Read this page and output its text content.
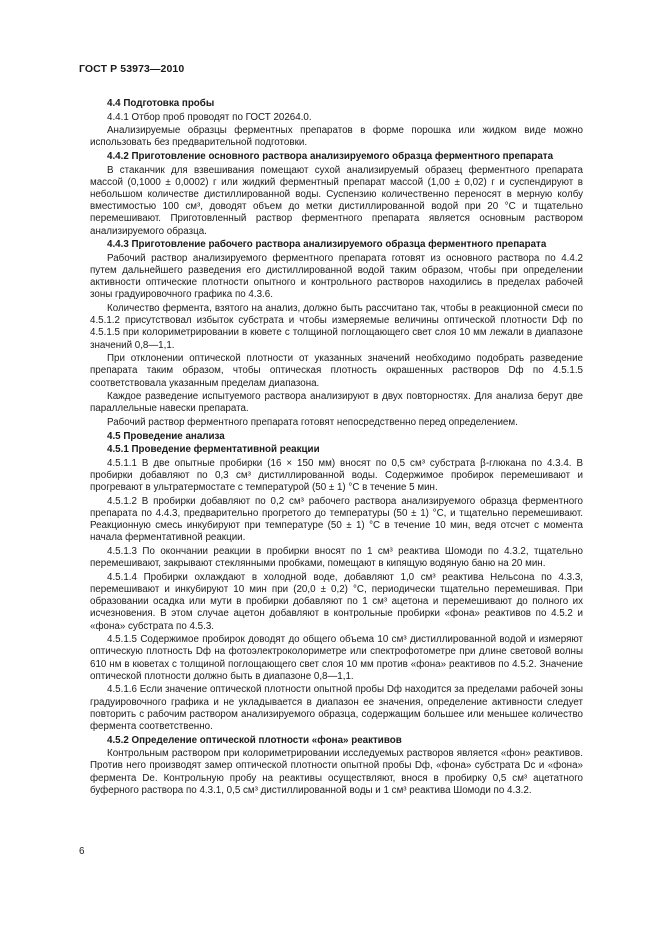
ГОСТ Р 53973—2010

4.4 Подготовка пробы

4.4.1 Отбор проб проводят по ГОСТ 20264.0.

Анализируемые образцы ферментных препаратов в форме порошка или жидком виде можно использовать без предварительной подготовки.

4.4.2 Приготовление основного раствора анализируемого образца ферментного препарата

В стаканчик для взвешивания помещают сухой анализируемый образец ферментного препарата массой (0,1000 ± 0,0002) г или жидкий ферментный препарат массой (1,00 ± 0,02) г и суспендируют в небольшом количестве дистиллированной воды. Суспензию количественно переносят в мерную колбу вместимостью 100 см³, доводят объем до метки дистиллированной водой при 20 °С и тщательно перемешивают. Приготовленный раствор ферментного препарата является основным раствором анализируемого образца.

4.4.3 Приготовление рабочего раствора анализируемого образца ферментного препарата

Рабочий раствор анализируемого ферментного препарата готовят из основного раствора по 4.4.2 путем дальнейшего разведения его дистиллированной водой таким образом, чтобы при определении активности оптические плотности опытного и контрольного растворов находились в пределах рабочей зоны градуировочного графика по 4.3.6.

Количество фермента, взятого на анализ, должно быть рассчитано так, чтобы в реакционной смеси по 4.5.1.2 присутствовал избыток субстрата и чтобы измеряемые величины оптической плотности Dф по 4.5.1.5 при колориметрировании в кювете с толщиной поглощающего свет слоя 10 мм лежали в диапазоне значений 0,8—1,1.

При отклонении оптической плотности от указанных значений необходимо подобрать разведение препарата таким образом, чтобы оптическая плотность окрашенных растворов Dф по 4.5.1.5 соответствовала указанным пределам диапазона.

Каждое разведение испытуемого раствора анализируют в двух повторностях. Для анализа берут две параллельные навески препарата.

Рабочий раствор ферментного препарата готовят непосредственно перед определением.

4.5 Проведение анализа

4.5.1 Проведение ферментативной реакции

4.5.1.1 В две опытные пробирки (16 × 150 мм) вносят по 0,5 см³ субстрата β-глюкана по 4.3.4. В пробирки добавляют по 0,3 см³ дистиллированной воды. Содержимое пробирок перемешивают и прогревают в ультратермостате с температурой (50 ± 1) °С в течение 5 мин.

4.5.1.2 В пробирки добавляют по 0,2 см³ рабочего раствора анализируемого образца ферментного препарата по 4.4.3, предварительно прогретого до температуры (50 ± 1) °С, и тщательно перемешивают. Реакционную смесь инкубируют при температуре (50 ± 1) °С в течение 10 мин, ведя отсчет с момента начала ферментативной реакции.

4.5.1.3 По окончании реакции в пробирки вносят по 1 см³ реактива Шомоди по 4.3.2, тщательно перемешивают, закрывают стеклянными пробками, помещают в кипящую водяную баню на 20 мин.

4.5.1.4 Пробирки охлаждают в холодной воде, добавляют 1,0 см³ реактива Нельсона по 4.3.3, перемешивают и инкубируют 10 мин при (20,0 ± 0,2) °С, периодически тщательно перемешивая. При образовании осадка или мути в пробирки добавляют по 1 см³ ацетона и перемешивают до полного их исчезновения. В этом случае ацетон добавляют в контрольные пробирки «фона» реактивов по 4.5.2 и «фона» субстрата по 4.5.3.

4.5.1.5 Содержимое пробирок доводят до общего объема 10 см³ дистиллированной водой и измеряют оптическую плотность Dф на фотоэлектроколориметре или спектрофотометре при длине световой волны 610 нм в кюветах с толщиной поглощающего свет слоя 10 мм против «фона» реактивов по 4.5.2. Значение оптической плотности должно быть в диапазоне 0,8—1,1.

4.5.1.6 Если значение оптической плотности опытной пробы Dф находится за пределами рабочей зоны градуировочного графика и не укладывается в диапазон ее значения, определение активности следует повторить с рабочим раствором анализируемого образца, содержащим большее или меньшее количество фермента соответственно.

4.5.2 Определение оптической плотности «фона» реактивов

Контрольным раствором при колориметрировании исследуемых растворов является «фон» реактивов. Против него производят замер оптической плотности опытной пробы Dф, «фона» субстрата Dс и «фона» фермента Dе. Контрольную пробу на реактивы осуществляют, внося в пробирку 0,5 см³ ацетатного буферного раствора по 4.3.1, 0,5 см³ дистиллированной воды и 1 см³ реактива Шомоди по 4.3.2.

6
